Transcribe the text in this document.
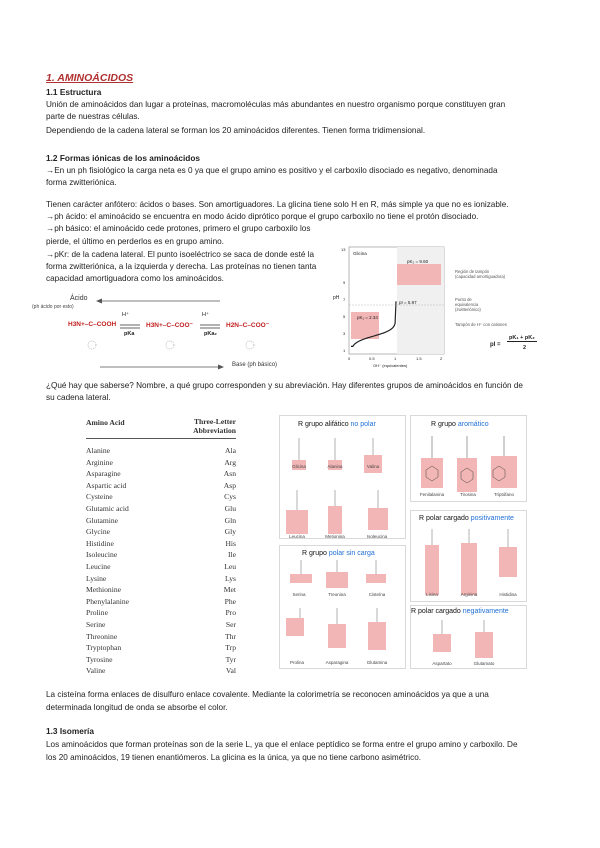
1. AMINOÁCIDOS
1.1 Estructura
Unión de aminoácidos dan lugar a proteínas, macromoléculas más abundantes en nuestro organismo porque constituyen gran
parte de nuestras células.
Dependiendo de la cadena lateral se forman los 20 aminoácidos diferentes. Tienen forma tridimensional.
1.2 Formas iónicas de los aminoácidos
→En un ph fisiológico la carga neta es 0 ya que el grupo amino es positivo y el carboxilo disociado es negativo, denominada
forma zwitteriónica.
Tienen carácter anfótero: ácidos o bases. Son amortiguadores. La glicina tiene solo H en R, más simple ya que no es ionizable.
→ph ácido: el aminoácido se encuentra en modo ácido diprótico porque el grupo carboxilo no tiene el protón disociado.
→ph básico: el aminoácido cede protones, primero el grupo carboxilo los
pierde, el último en perderlos es en grupo amino.
→pKr: de la cadena lateral. El punto isoeléctrico se saca de donde esté la
forma zwitteriónica, a la izquierda y derecha. Las proteínas no tienen tanta
capacidad amortiguadora como los aminoácidos.
Ácido
(ph ácido por esto)
H3N+–C–COOH	H3N+–C–COO⁻	H2N–C–COO⁻
H⁺	H⁺
pKa	pKa₂
Base (ph básico)
Glicina
pK₁ = 2.34
pK₂ = 9.60
pI = 5.97
pH
OH⁻ (equivalentes)
13
9
7
5
3
1
0	0.5	1	1.5	2
Región de tampón
(capacidad amortiguadora)
Punto de
equivalencia
(zwitteriónico)
Tampón de H⁺ con cationes
pI =
pK₁ + pK₂
2
¿Qué hay que saberse? Nombre, a qué grupo corresponden y su abreviación. Hay diferentes grupos de aminoácidos en función de
su cadena lateral.
Amino Acid	Three-Letter
Abbreviation
Alanine	Ala
Arginine	Arg
Asparagine	Asn
Aspartic acid	Asp
Cysteine	Cys
Glutamic acid	Glu
Glutamine	Gln
Glycine	Gly
Histidine	His
Isoleucine	Ile
Leucine	Leu
Lysine	Lys
Methionine	Met
Phenylalanine	Phe
Proline	Pro
Serine	Ser
Threonine	Thr
Tryptophan	Trp
Tyrosine	Tyr
Valine	Val
R grupo alifático no polar
Glicina	Alanina	Valina
Leucina	Metionina	Isoleucina
R grupo aromático
Fenilalanina	Tirosina	Triptófano
R polar cargado positivamente
Lisina	Arginina	Histidina
R grupo polar sin carga
Serina	Treonina	Cisteína
Prolina	Asparagina	Glutamina
R polar cargado negativamente
Aspartato	Glutamato
La cisteína forma enlaces de disulfuro enlace covalente. Mediante la colorimetría se reconocen aminoácidos ya que a una
determinada longitud de onda se absorbe el color.
1.3 Isomería
Los aminoácidos que forman proteínas son de la serie L, ya que el enlace peptídico se forma entre el grupo amino y carboxilo. De
los 20 aminoácidos, 19 tienen enantiómeros. La glicina es la única, ya que no tiene carbono asimétrico.
